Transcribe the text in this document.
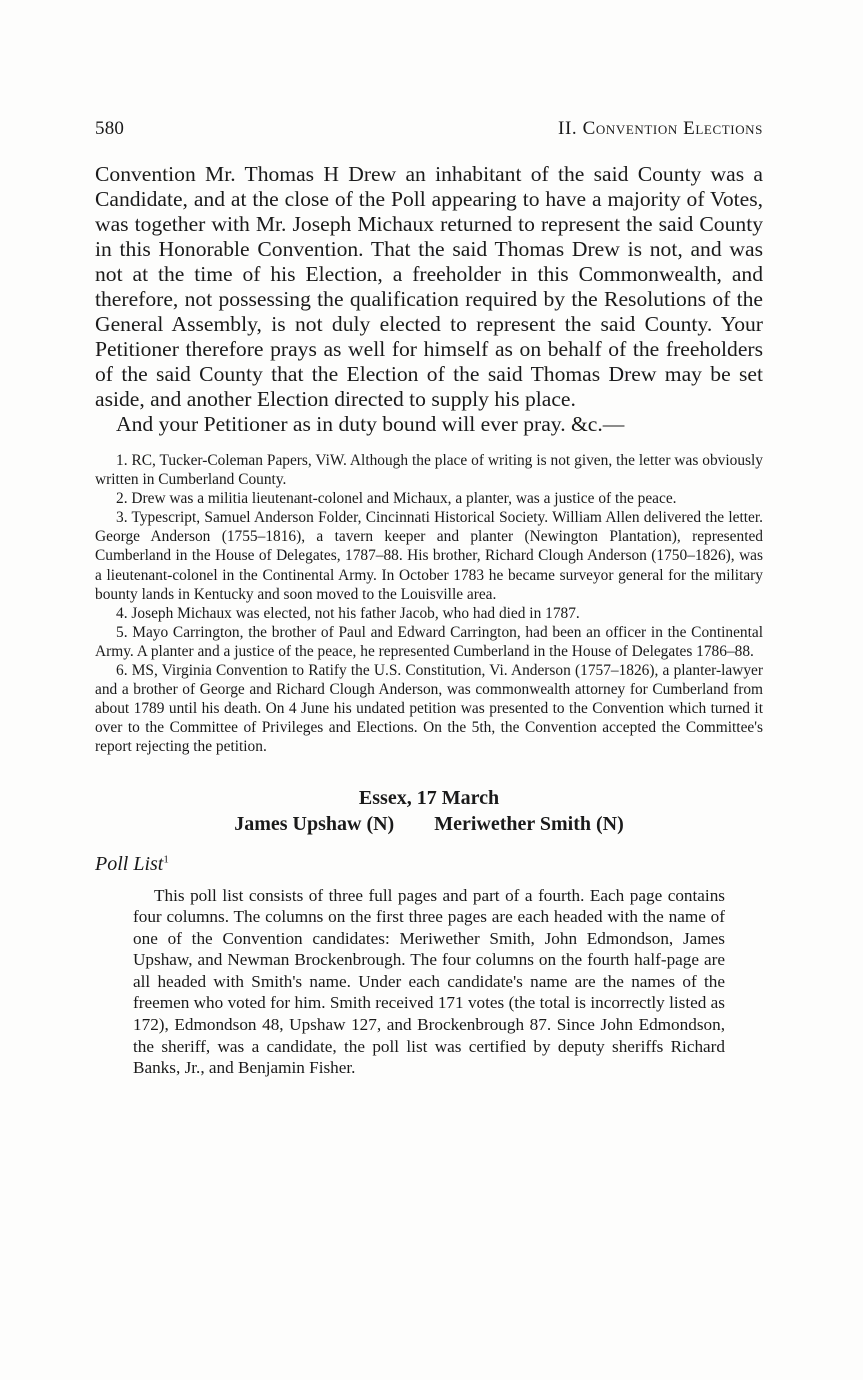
580	II. Convention Elections

Convention Mr. Thomas H Drew an inhabitant of the said County was a Candidate, and at the close of the Poll appearing to have a majority of Votes, was together with Mr. Joseph Michaux returned to represent the said County in this Honorable Convention. That the said Thomas Drew is not, and was not at the time of his Election, a freeholder in this Commonwealth, and therefore, not possessing the qualification required by the Resolutions of the General Assembly, is not duly elected to represent the said County. Your Petitioner therefore prays as well for himself as on behalf of the freeholders of the said County that the Election of the said Thomas Drew may be set aside, and another Election directed to supply his place.

And your Petitioner as in duty bound will ever pray. &c.—

1. RC, Tucker-Coleman Papers, ViW. Although the place of writing is not given, the letter was obviously written in Cumberland County.

2. Drew was a militia lieutenant-colonel and Michaux, a planter, was a justice of the peace.

3. Typescript, Samuel Anderson Folder, Cincinnati Historical Society. William Allen delivered the letter. George Anderson (1755–1816), a tavern keeper and planter (Newington Plantation), represented Cumberland in the House of Delegates, 1787–88. His brother, Richard Clough Anderson (1750–1826), was a lieutenant-colonel in the Continental Army. In October 1783 he became surveyor general for the military bounty lands in Kentucky and soon moved to the Louisville area.

4. Joseph Michaux was elected, not his father Jacob, who had died in 1787.

5. Mayo Carrington, the brother of Paul and Edward Carrington, had been an officer in the Continental Army. A planter and a justice of the peace, he represented Cumberland in the House of Delegates 1786–88.

6. MS, Virginia Convention to Ratify the U.S. Constitution, Vi. Anderson (1757–1826), a planter-lawyer and a brother of George and Richard Clough Anderson, was commonwealth attorney for Cumberland from about 1789 until his death. On 4 June his undated petition was presented to the Convention which turned it over to the Committee of Privileges and Elections. On the 5th, the Convention accepted the Committee's report rejecting the petition.

Essex, 17 March
James Upshaw (N) Meriwether Smith (N)
Poll List$^1$

This poll list consists of three full pages and part of a fourth. Each page contains four columns. The columns on the first three pages are each headed with the name of one of the Convention candidates: Meriwether Smith, John Edmondson, James Upshaw, and Newman Brockenbrough. The four columns on the fourth half-page are all headed with Smith's name. Under each candidate's name are the names of the freemen who voted for him. Smith received 171 votes (the total is incorrectly listed as 172), Edmondson 48, Upshaw 127, and Brockenbrough 87. Since John Edmondson, the sheriff, was a candidate, the poll list was certified by deputy sheriffs Richard Banks, Jr., and Benjamin Fisher.
